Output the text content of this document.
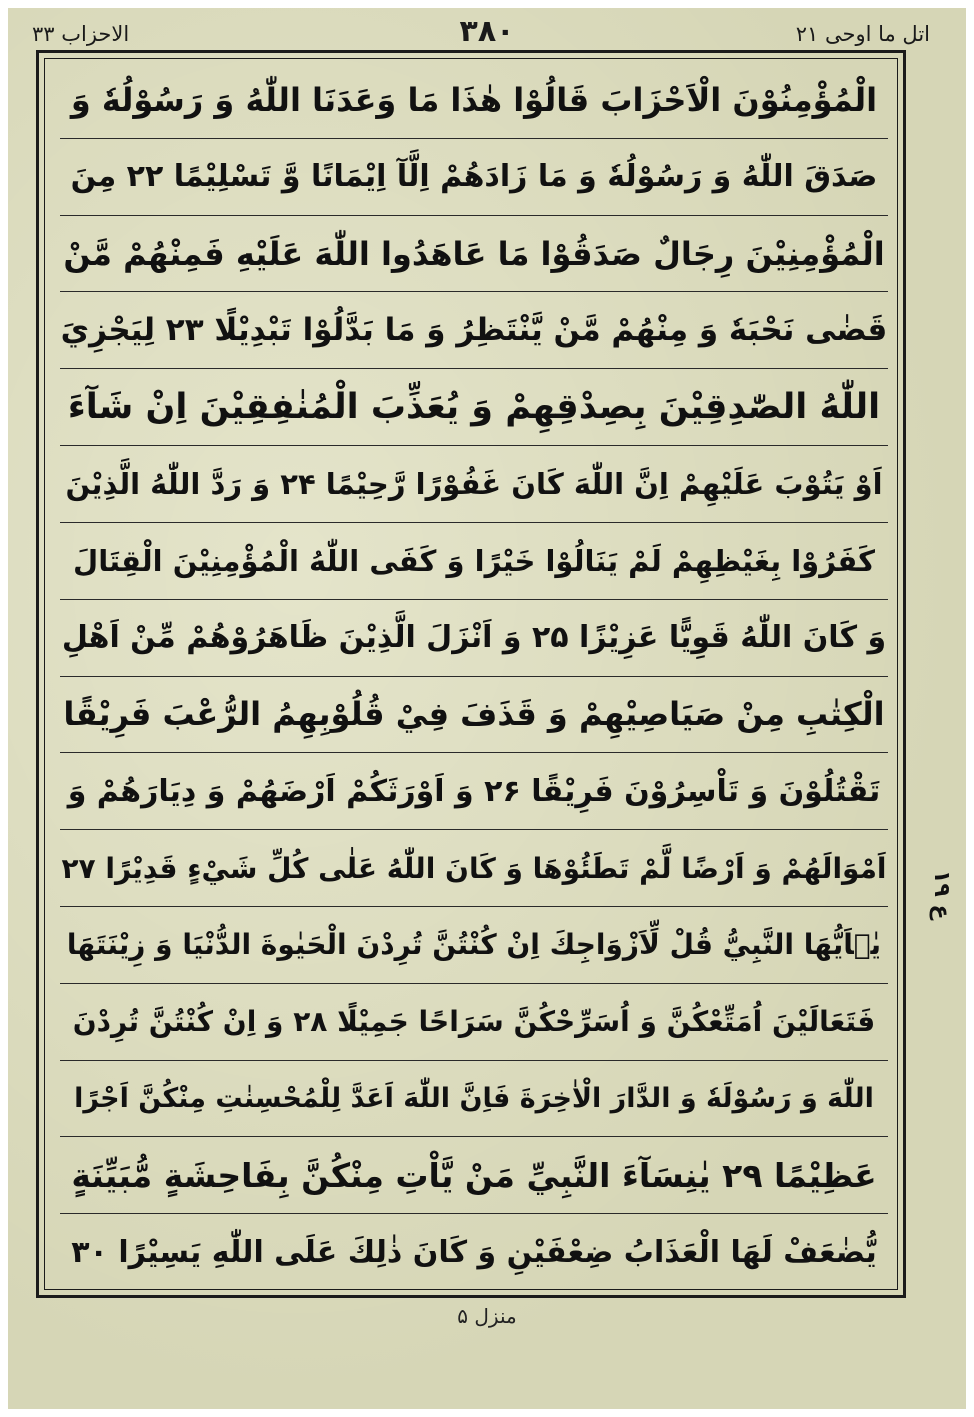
اتل ما اوحی ۲۱
۳۸۰
الاحزاب ۳۳
الْمُؤْمِنُوْنَ الْاَحْزَابَ قَالُوْا هٰذَا مَا وَعَدَنَا اللّٰهُ وَ رَسُوْلُهٗ وَ
صَدَقَ اللّٰهُ وَ رَسُوْلُهٗ وَ مَا زَادَهُمْ اِلَّآ اِيْمَانًا وَّ تَسْلِيْمًا ۲۲ مِنَ
الْمُؤْمِنِيْنَ رِجَالٌ صَدَقُوْا مَا عَاهَدُوا اللّٰهَ عَلَيْهِ فَمِنْهُمْ مَّنْ
قَضٰى نَحْبَهٗ وَ مِنْهُمْ مَّنْ يَّنْتَظِرُ وَ مَا بَدَّلُوْا تَبْدِيْلًا ۲۳ لِيَجْزِيَ
اللّٰهُ الصّٰدِقِيْنَ بِصِدْقِهِمْ وَ يُعَذِّبَ الْمُنٰفِقِيْنَ اِنْ شَآءَ
اَوْ يَتُوْبَ عَلَيْهِمْ اِنَّ اللّٰهَ كَانَ غَفُوْرًا رَّحِيْمًا ۲۴ وَ رَدَّ اللّٰهُ الَّذِيْنَ
كَفَرُوْا بِغَيْظِهِمْ لَمْ يَنَالُوْا خَيْرًا وَ كَفَى اللّٰهُ الْمُؤْمِنِيْنَ الْقِتَالَ
وَ كَانَ اللّٰهُ قَوِيًّا عَزِيْزًا ۲۵ وَ اَنْزَلَ الَّذِيْنَ ظَاهَرُوْهُمْ مِّنْ اَهْلِ
الْكِتٰبِ مِنْ صَيَاصِيْهِمْ وَ قَذَفَ فِيْ قُلُوْبِهِمُ الرُّعْبَ فَرِيْقًا
تَقْتُلُوْنَ وَ تَاْسِرُوْنَ فَرِيْقًا ۲۶ وَ اَوْرَثَكُمْ اَرْضَهُمْ وَ دِيَارَهُمْ وَ
اَمْوَالَهُمْ وَ اَرْضًا لَّمْ تَطَئُوْهَا وَ كَانَ اللّٰهُ عَلٰى كُلِّ شَيْءٍ قَدِيْرًا ۲۷
يٰۤاَيُّهَا النَّبِيُّ قُلْ لِّاَزْوَاجِكَ اِنْ كُنْتُنَّ تُرِدْنَ الْحَيٰوةَ الدُّنْيَا وَ زِيْنَتَهَا
فَتَعَالَيْنَ اُمَتِّعْكُنَّ وَ اُسَرِّحْكُنَّ سَرَاحًا جَمِيْلًا ۲۸ وَ اِنْ كُنْتُنَّ تُرِدْنَ
اللّٰهَ وَ رَسُوْلَهٗ وَ الدَّارَ الْاٰخِرَةَ فَاِنَّ اللّٰهَ اَعَدَّ لِلْمُحْسِنٰتِ مِنْكُنَّ اَجْرًا
عَظِيْمًا ۲۹ يٰنِسَآءَ النَّبِيِّ مَنْ يَّاْتِ مِنْكُنَّ بِفَاحِشَةٍ مُّبَيِّنَةٍ
يُّضٰعَفْ لَهَا الْعَذَابُ ضِعْفَيْنِ وَ كَانَ ذٰلِكَ عَلَى اللّٰهِ يَسِيْرًا ۳۰
ع ۱۹
منزل ۵
